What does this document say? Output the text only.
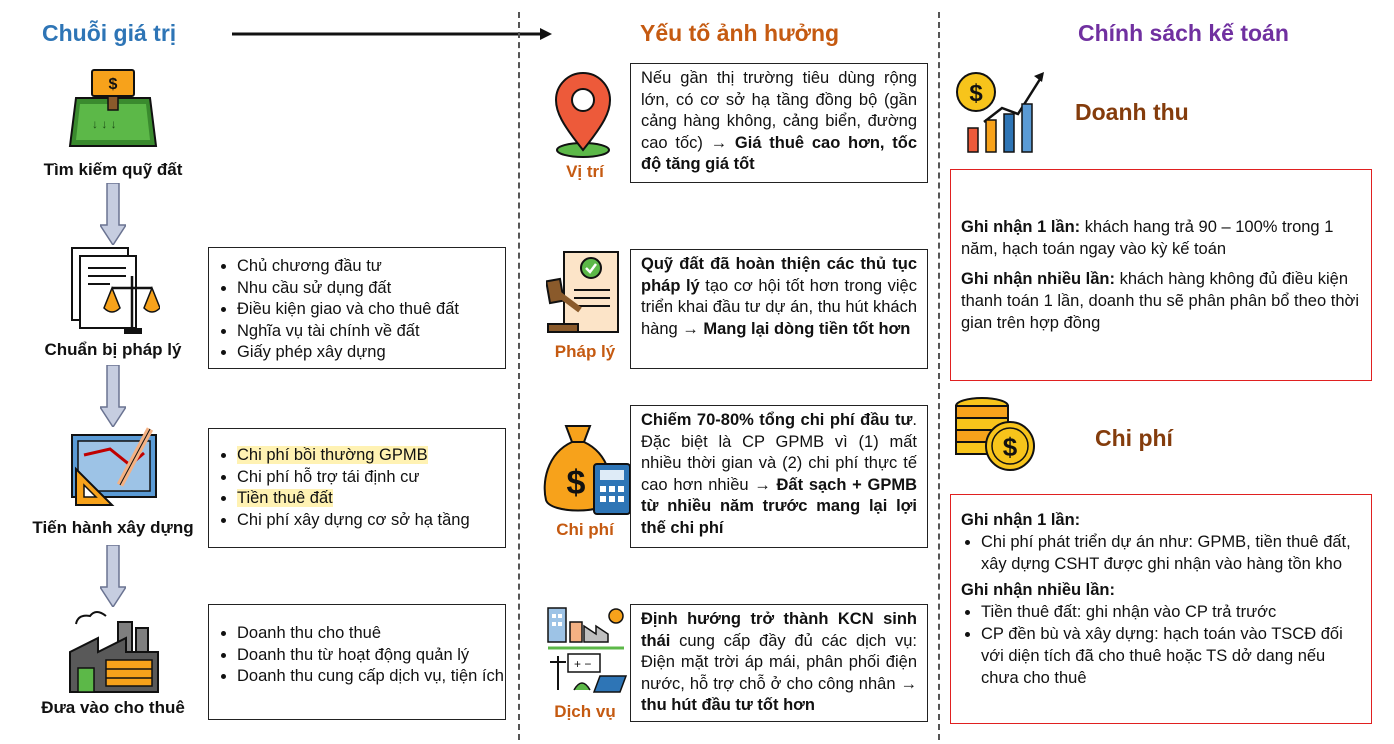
Chuỗi giá trị	Yếu tố ảnh hưởng	Chính sách kế toán
$
↓ ↓ ↓
Tìm kiếm quỹ đất
Chuẩn bị pháp lý
Tiến hành xây dựng
Đưa vào cho thuê
• Chủ chương đầu tư
• Nhu cầu sử dụng đất
• Điều kiện giao và cho thuê đất
• Nghĩa vụ tài chính về đất
• Giấy phép xây dựng
• Chi phí bồi thường GPMB
• Chi phí hỗ trợ tái định cư
• Tiền thuê đất
• Chi phí xây dựng cơ sở hạ tầng
• Doanh thu cho thuê
• Doanh thu từ hoạt động quản lý
• Doanh thu cung cấp dịch vụ, tiện ích
Vị trí
Pháp lý
$
Chi phí
+ −
Dịch vụ
Nếu gần thị trường tiêu dùng rộng lớn, có cơ sở hạ tầng đồng bộ (gần cảng hàng không, cảng biển, đường cao tốc) → Giá thuê cao hơn, tốc độ tăng giá tốt
Quỹ đất đã hoàn thiện các thủ tục pháp lý tạo cơ hội tốt hơn trong việc triển khai đầu tư dự án, thu hút khách hàng → Mang lại dòng tiền tốt hơn
Chiếm 70-80% tổng chi phí đầu tư. Đặc biệt là CP GPMB vì (1) mất nhiều thời gian và (2) chi phí thực tế cao hơn nhiều → Đất sạch + GPMB từ nhiều năm trước mang lại lợi thế chi phí
Định hướng trở thành KCN sinh thái cung cấp đầy đủ các dịch vụ: Điện mặt trời áp mái, phân phối điện nước, hỗ trợ chỗ ở cho công nhân → thu hút đầu tư tốt hơn
$
Doanh thu

Ghi nhận 1 lần: khách hang trả 90 – 100% trong 1 năm, hạch toán ngay vào kỳ kế toán

Ghi nhận nhiều lần: khách hàng không đủ điều kiện thanh toán 1 lần, doanh thu sẽ phân phân bổ theo thời gian trên hợp đồng

$	Chi phí

Ghi nhận 1 lần:

• Chi phí phát triển dự án như: GPMB, tiền thuê đất, xây dựng CSHT được ghi nhận vào hàng tồn kho

Ghi nhận nhiều lần:

• Tiền thuê đất: ghi nhận vào CP trả trước
• CP đền bù và xây dựng: hạch toán vào TSCĐ đối với diện tích đã cho thuê hoặc TS dở dang nếu chưa cho thuê
